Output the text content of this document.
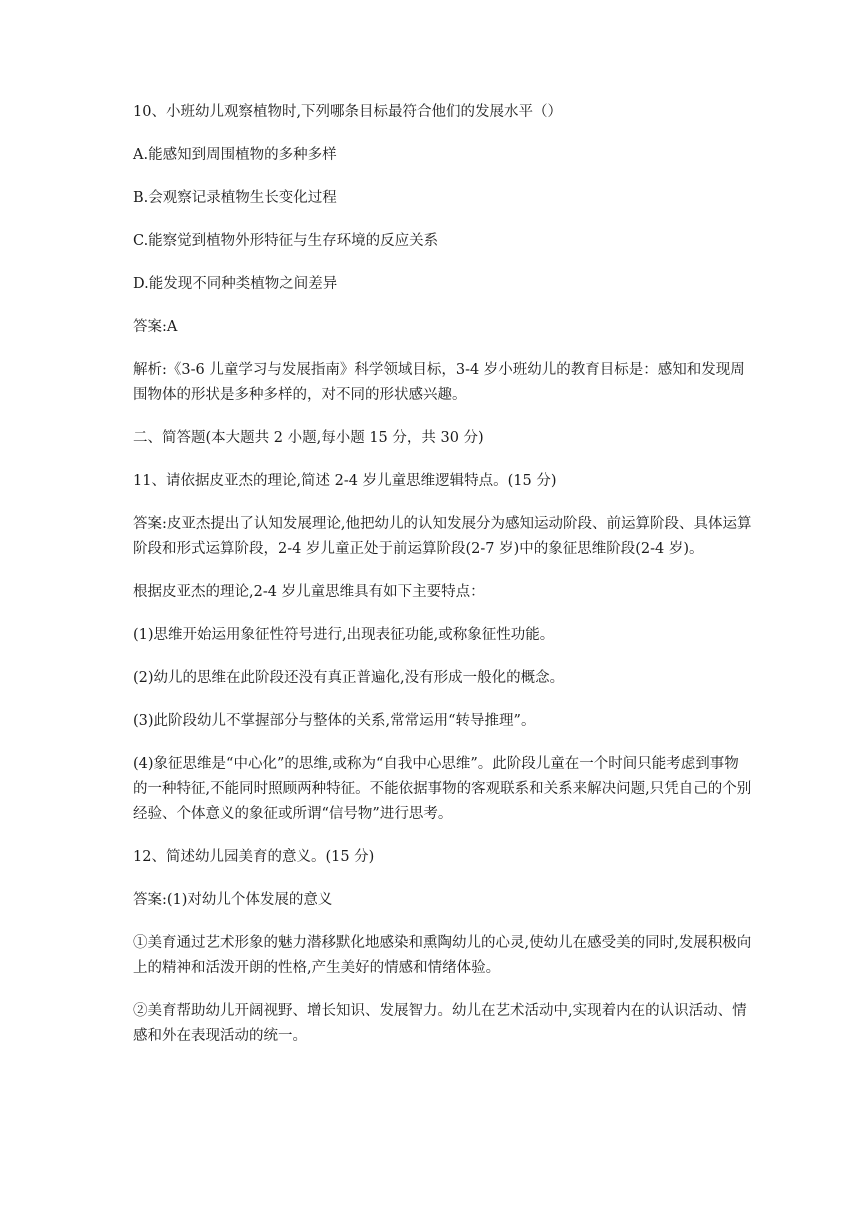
10、小班幼儿观察植物时,下列哪条目标最符合他们的发展水平（）

A.能感知到周围植物的多种多样

B.会观察记录植物生长变化过程

C.能察觉到植物外形特征与生存环境的反应关系

D.能发现不同种类植物之间差异

答案:A

解析:《3-6 儿童学习与发展指南》科学领域目标，3-4 岁小班幼儿的教育目标是：感知和发现周围物体的形状是多种多样的，对不同的形状感兴趣。

二、简答题(本大题共 2 小题,每小题 15 分，共 30 分)

11、请依据皮亚杰的理论,简述 2-4 岁儿童思维逻辑特点。(15 分)

答案:皮亚杰提出了认知发展理论,他把幼儿的认知发展分为感知运动阶段、前运算阶段、具体运算阶段和形式运算阶段，2-4 岁儿童正处于前运算阶段(2-7 岁)中的象征思维阶段(2-4 岁)。

根据皮亚杰的理论,2-4 岁儿童思维具有如下主要特点：

(1)思维开始运用象征性符号进行,出现表征功能,或称象征性功能。

(2)幼儿的思维在此阶段还没有真正普遍化,没有形成一般化的概念。

(3)此阶段幼儿不掌握部分与整体的关系,常常运用“转导推理”。

(4)象征思维是“中心化”的思维,或称为“自我中心思维”。此阶段儿童在一个时间只能考虑到事物的一种特征,不能同时照顾两种特征。不能依据事物的客观联系和关系来解决问题,只凭自己的个别经验、个体意义的象征或所谓“信号物”进行思考。

12、简述幼儿园美育的意义。(15 分)

答案:(1)对幼儿个体发展的意义

①美育通过艺术形象的魅力潜移默化地感染和熏陶幼儿的心灵,使幼儿在感受美的同时,发展积极向上的精神和活泼开朗的性格,产生美好的情感和情绪体验。

②美育帮助幼儿开阔视野、增长知识、发展智力。幼儿在艺术活动中,实现着内在的认识活动、情感和外在表现活动的统一。
